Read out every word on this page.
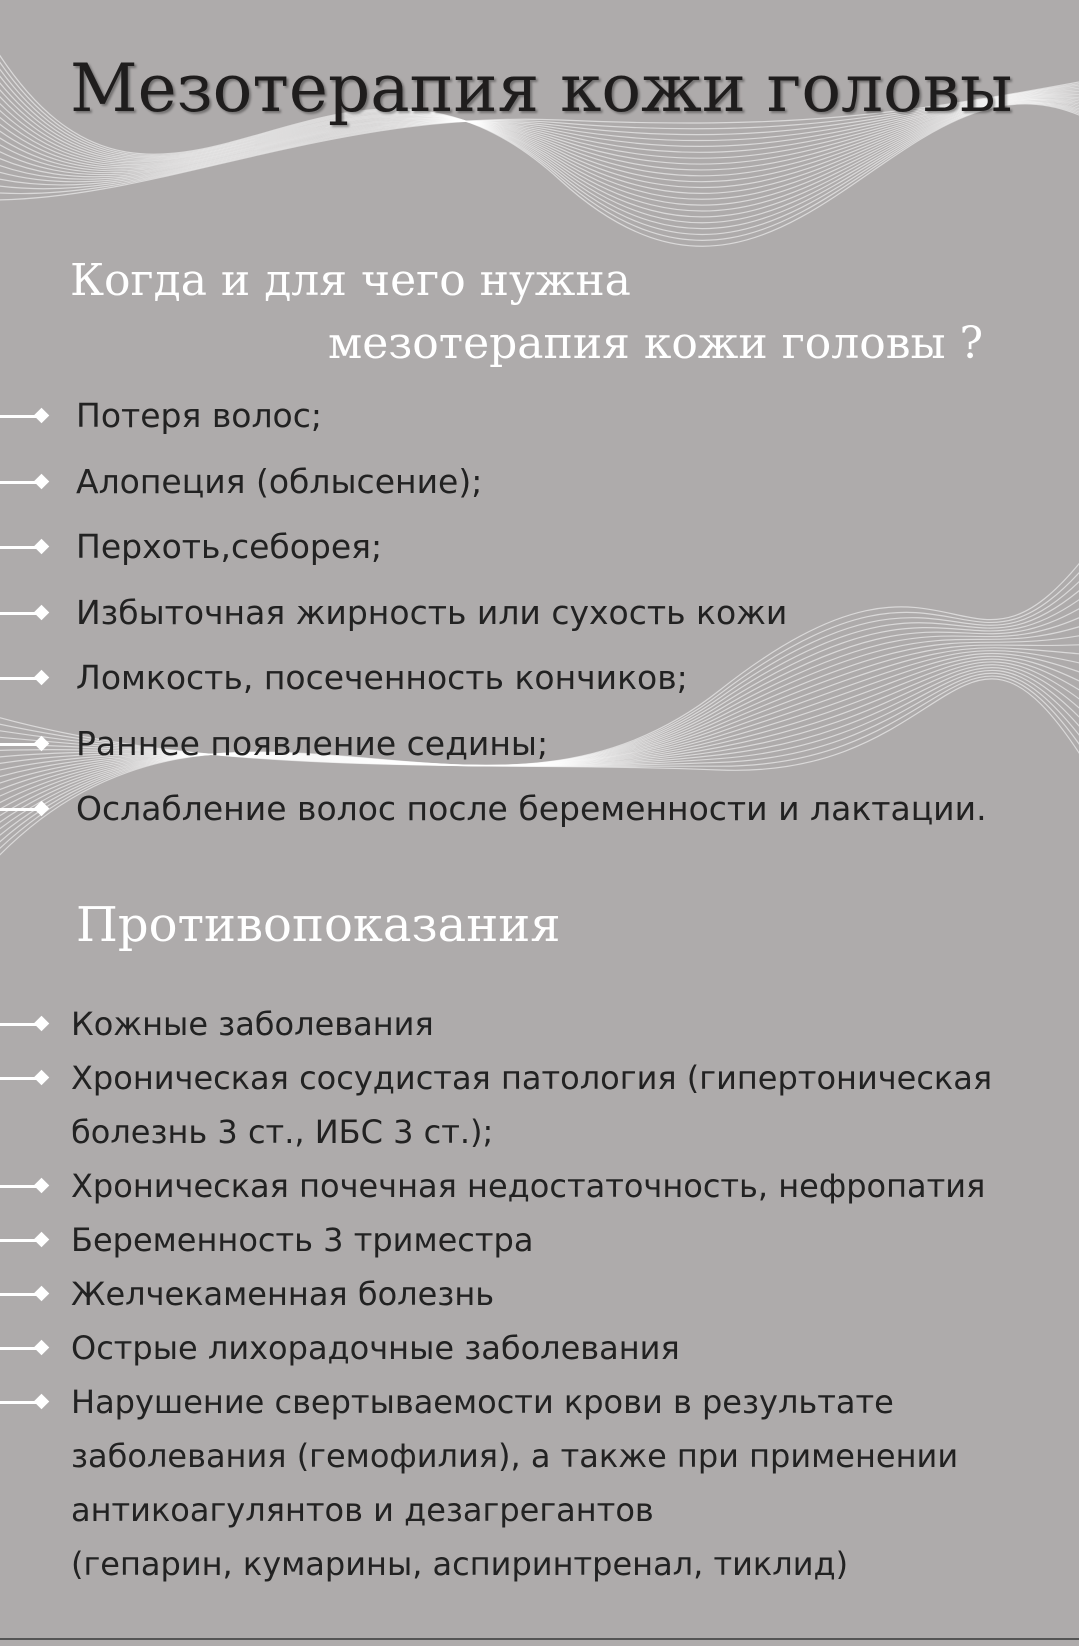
Мезотерапия кожи головы
Когда и для чего нужна
мезотерапия кожи головы ?
Потеря волос;
Алопеция (облысение);
Перхоть,себорея;
Избыточная жирность или сухость кожи
Ломкость, посеченность кончиков;
Раннее появление седины;
Ослабление волос после беременности и лактации.
Противопоказания
Кожные заболевания
Хроническая сосудистая патология (гипертоническая
болезнь 3 ст., ИБС 3 ст.);
Хроническая почечная недостаточность, нефропатия
Беременность 3 триместра
Желчекаменная болезнь
Острые лихорадочные заболевания
Нарушение свертываемости крови в результате
заболевания (гемофилия), а также при применении
антикоагулянтов и дезагрегантов
(гепарин, кумарины, аспиринтренал, тиклид)
